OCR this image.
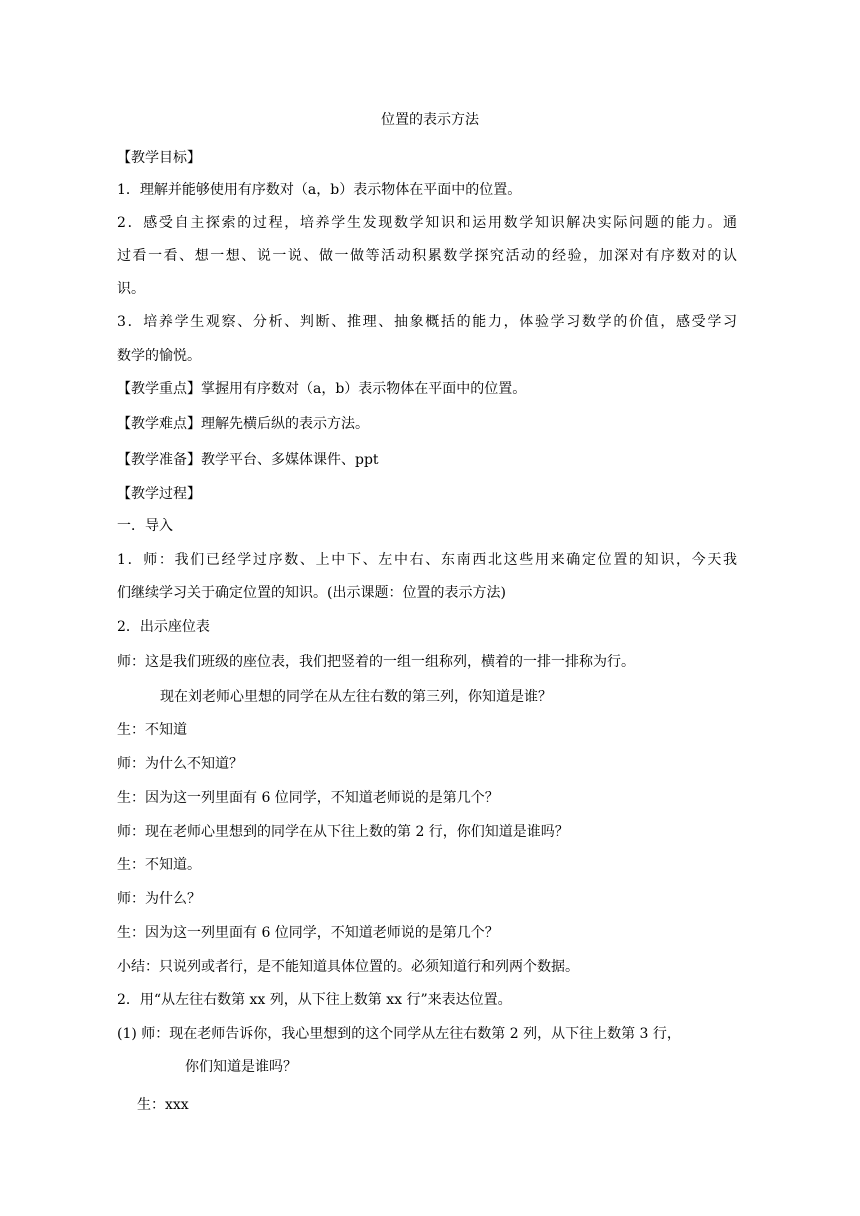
位置的表示方法
【教学目标】
1．理解并能够使用有序数对（a，b）表示物体在平面中的位置。
2．感受自主探索的过程，培养学生发现数学知识和运用数学知识解决实际问题的能力。通
过看一看、想一想、说一说、做一做等活动积累数学探究活动的经验，加深对有序数对的认
识。
3．培养学生观察、分析、判断、推理、抽象概括的能力，体验学习数学的价值，感受学习
数学的愉悦。
【教学重点】掌握用有序数对（a，b）表示物体在平面中的位置。
【教学难点】理解先横后纵的表示方法。
【教学准备】教学平台、多媒体课件、ppt
【教学过程】
一．导入
1．师：我们已经学过序数、上中下、左中右、东南西北这些用来确定位置的知识，今天我
们继续学习关于确定位置的知识。(出示课题：位置的表示方法)
2．出示座位表
师：这是我们班级的座位表，我们把竖着的一组一组称列，横着的一排一排称为行。
现在刘老师心里想的同学在从左往右数的第三列，你知道是谁？
生：不知道
师：为什么不知道？
生：因为这一列里面有 6 位同学，不知道老师说的是第几个？
师：现在老师心里想到的同学在从下往上数的第 2 行，你们知道是谁吗？
生：不知道。
师：为什么？
生：因为这一列里面有 6 位同学，不知道老师说的是第几个？
小结：只说列或者行，是不能知道具体位置的。必须知道行和列两个数据。
2．用“从左往右数第 xx 列，从下往上数第 xx 行”来表达位置。
(1) 师：现在老师告诉你，我心里想到的这个同学从左往右数第 2 列，从下往上数第 3 行，
你们知道是谁吗？
生：xxx
